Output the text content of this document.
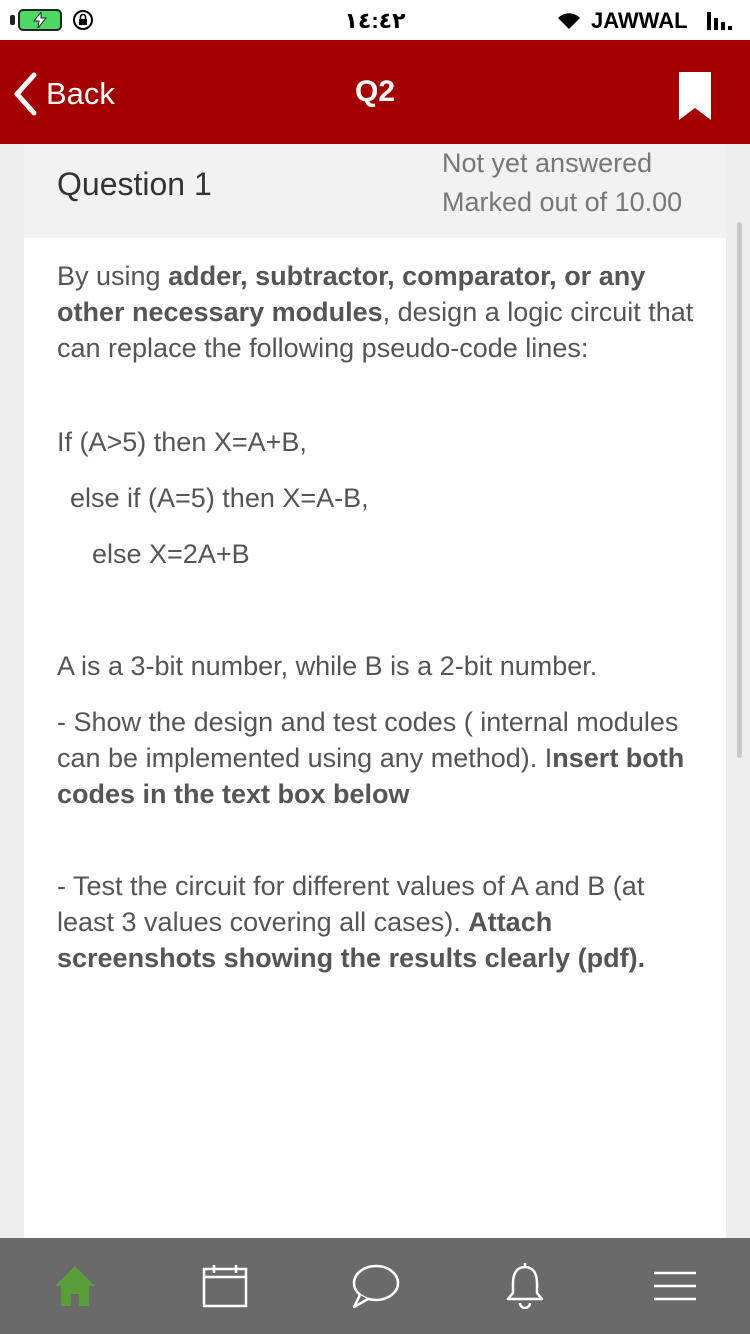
١٤:٤٢	JAWWAL
Back	Q2
Question 1
Not yet answered
Marked out of 10.00
By using adder, subtractor, comparator, or any other necessary modules, design a logic circuit that can replace the following pseudo-code lines:
If (A>5) then X=A+B,
else if (A=5) then X=A-B,
else X=2A+B
A is a 3-bit number, while B is a 2-bit number.
- Show the design and test codes ( internal modules can be implemented using any method). Insert both codes in the text box below
- Test the circuit for different values of A and B (at least 3 values covering all cases). Attach screenshots showing the results clearly (pdf).
